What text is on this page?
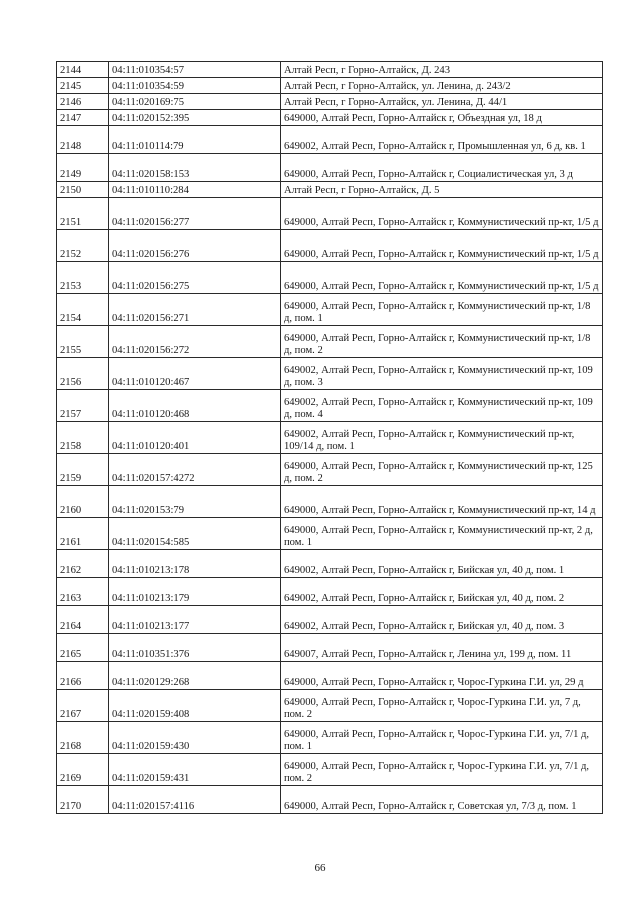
2144	04:11:010354:57	Алтай Респ, г Горно-Алтайск, Д. 243
2145	04:11:010354:59	Алтай Респ, г Горно-Алтайск, ул. Ленина, д. 243/2
2146	04:11:020169:75	Алтай Респ, г Горно-Алтайск, ул. Ленина, Д. 44/1
2147	04:11:020152:395	649000, Алтай Респ, Горно-Алтайск г, Объездная ул, 18 д
2148	04:11:010114:79	649002, Алтай Респ, Горно-Алтайск г, Промышленная ул, 6 д, кв. 1
2149	04:11:020158:153	649000, Алтай Респ, Горно-Алтайск г, Социалистическая ул, 3 д
2150	04:11:010110:284	Алтай Респ, г Горно-Алтайск, Д. 5
2151	04:11:020156:277	649000, Алтай Респ, Горно-Алтайск г, Коммунистический пр-кт, 1/5 д
2152	04:11:020156:276	649000, Алтай Респ, Горно-Алтайск г, Коммунистический пр-кт, 1/5 д
2153	04:11:020156:275	649000, Алтай Респ, Горно-Алтайск г, Коммунистический пр-кт, 1/5 д
2154	04:11:020156:271	649000, Алтай Респ, Горно-Алтайск г, Коммунистический пр-кт, 1/8 д, пом. 1
2155	04:11:020156:272	649000, Алтай Респ, Горно-Алтайск г, Коммунистический пр-кт, 1/8 д, пом. 2
2156	04:11:010120:467	649002, Алтай Респ, Горно-Алтайск г, Коммунистический пр-кт, 109 д, пом. 3
2157	04:11:010120:468	649002, Алтай Респ, Горно-Алтайск г, Коммунистический пр-кт, 109 д, пом. 4
2158	04:11:010120:401	649002, Алтай Респ, Горно-Алтайск г, Коммунистический пр-кт, 109/14 д, пом. 1
2159	04:11:020157:4272	649000, Алтай Респ, Горно-Алтайск г, Коммунистический пр-кт, 125 д, пом. 2
2160	04:11:020153:79	649000, Алтай Респ, Горно-Алтайск г, Коммунистический пр-кт, 14 д
2161	04:11:020154:585	649000, Алтай Респ, Горно-Алтайск г, Коммунистический пр-кт, 2 д, пом. 1
2162	04:11:010213:178	649002, Алтай Респ, Горно-Алтайск г, Бийская ул, 40 д, пом. 1
2163	04:11:010213:179	649002, Алтай Респ, Горно-Алтайск г, Бийская ул, 40 д, пом. 2
2164	04:11:010213:177	649002, Алтай Респ, Горно-Алтайск г, Бийская ул, 40 д, пом. 3
2165	04:11:010351:376	649007, Алтай Респ, Горно-Алтайск г, Ленина ул, 199 д, пом. 11
2166	04:11:020129:268	649000, Алтай Респ, Горно-Алтайск г, Чорос-Гуркина Г.И. ул, 29 д
2167	04:11:020159:408	649000, Алтай Респ, Горно-Алтайск г, Чорос-Гуркина Г.И. ул, 7 д, пом. 2
2168	04:11:020159:430	649000, Алтай Респ, Горно-Алтайск г, Чорос-Гуркина Г.И. ул, 7/1 д, пом. 1
2169	04:11:020159:431	649000, Алтай Респ, Горно-Алтайск г, Чорос-Гуркина Г.И. ул, 7/1 д, пом. 2
2170	04:11:020157:4116	649000, Алтай Респ, Горно-Алтайск г, Советская ул, 7/3 д, пом. 1
66
